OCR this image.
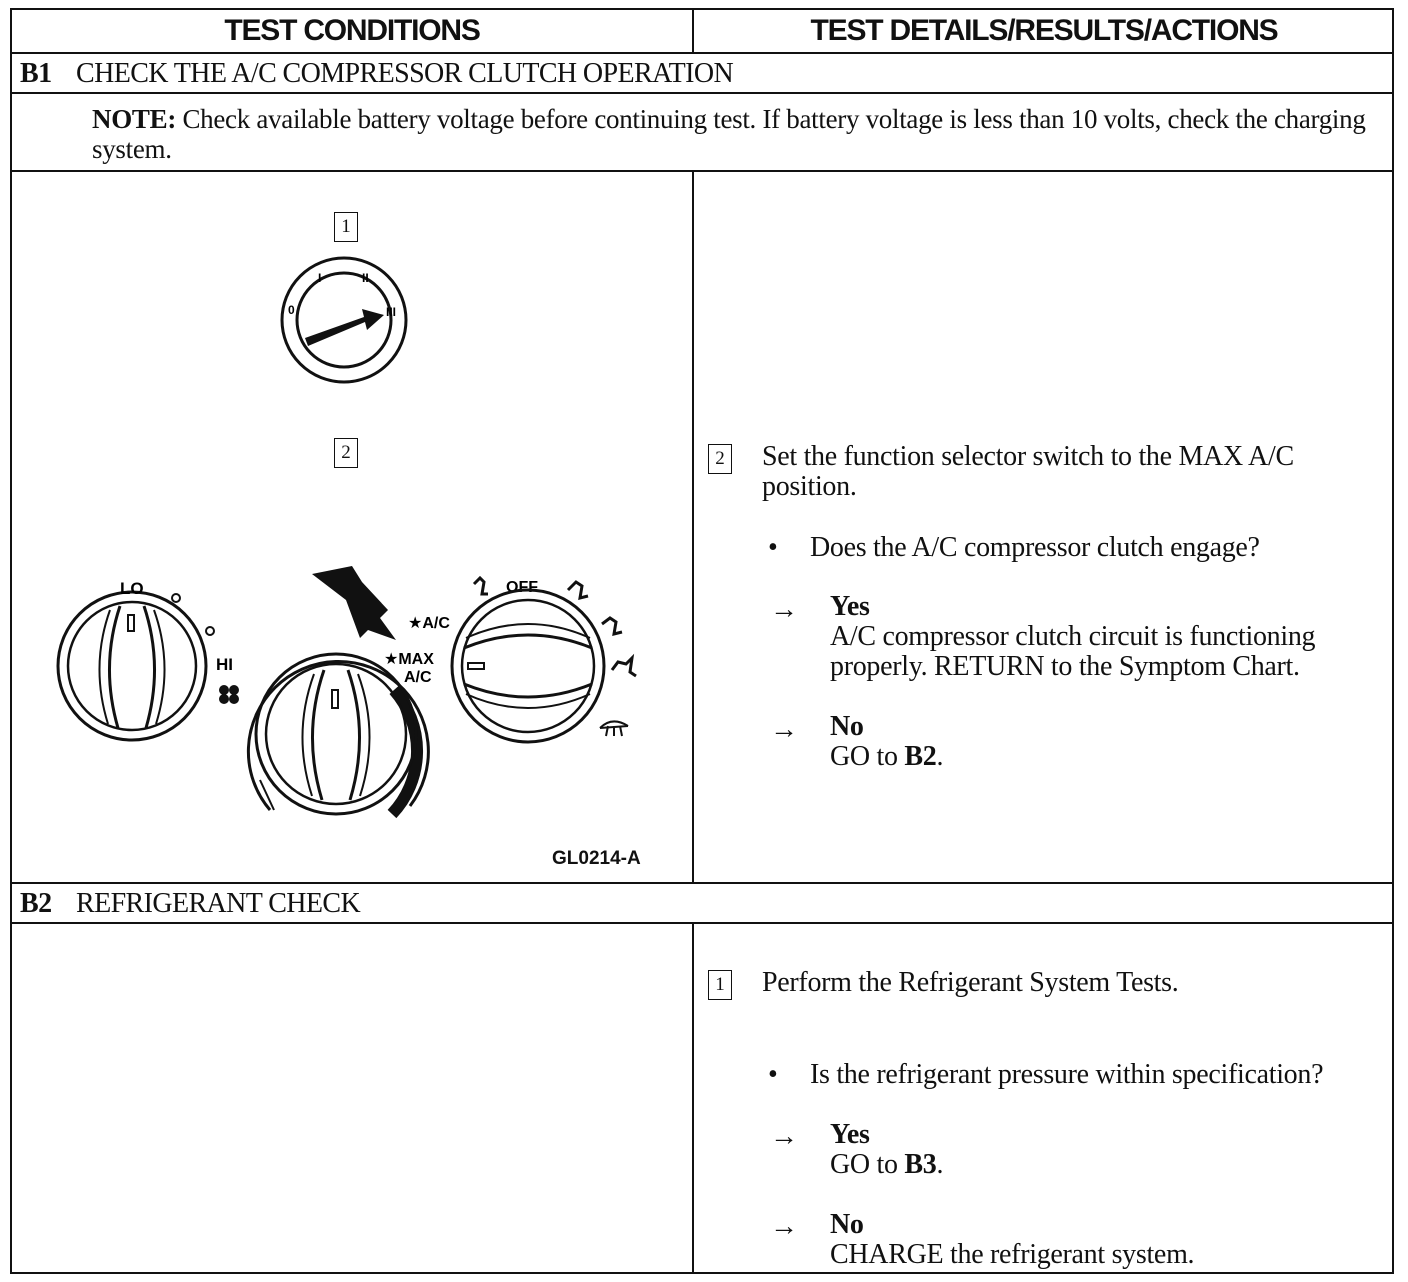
TEST CONDITIONS	TEST DETAILS/RESULTS/ACTIONS
B1 CHECK THE A/C COMPRESSOR CLUTCH OPERATION
NOTE: Check available battery voltage before continuing test. If battery voltage is less than 10 volts, check the charging system.
1
2
0
I	II
III
LO
HI
★A/C
★MAX
A/C
OFF
GL0214-A
2 Set the function selector switch to the MAX A/C position.
• Does the A/C compressor clutch engage?
→ Yes
A/C compressor clutch circuit is functioning properly. RETURN to the Symptom Chart.
→ No
GO to B2.
B2 REFRIGERANT CHECK
1 Perform the Refrigerant System Tests.
• Is the refrigerant pressure within specification?
→ Yes
GO to B3.
→ No
CHARGE the refrigerant system.
